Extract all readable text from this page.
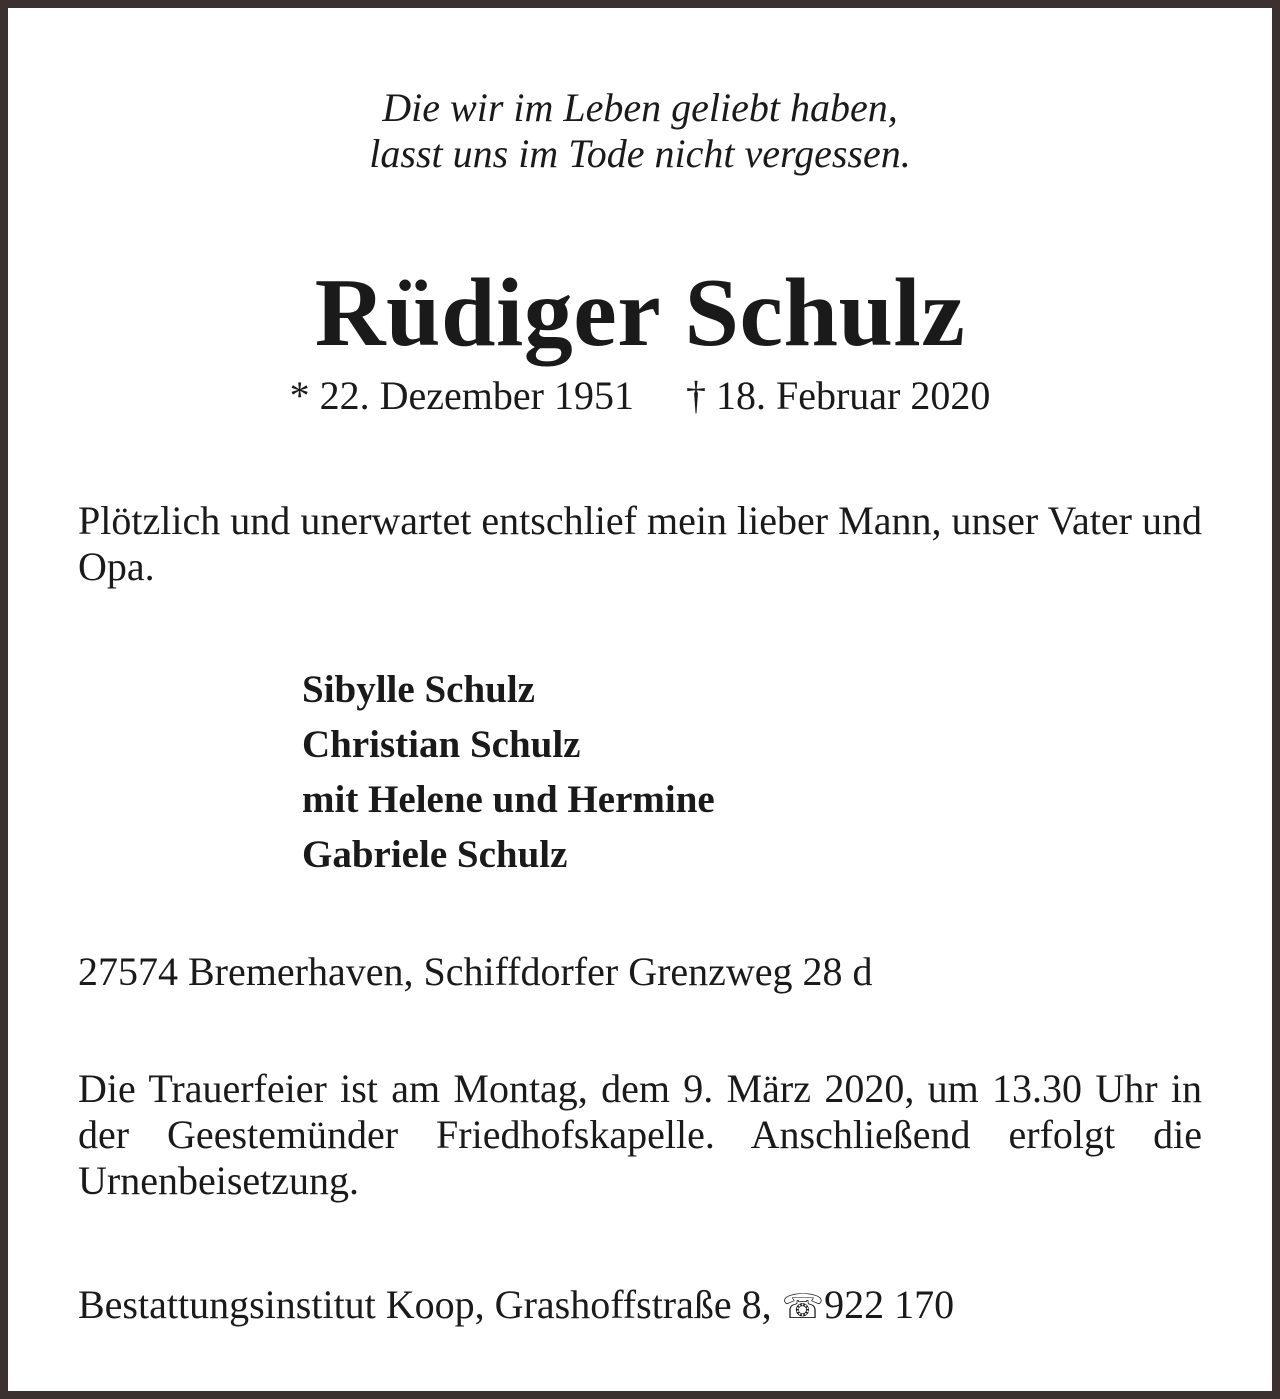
Die wir im Leben geliebt haben,
lasst uns im Tode nicht vergessen.
Rüdiger Schulz
* 22. Dezember 1951 † 18. Februar 2020
Plötzlich und unerwartet entschlief mein lieber Mann, unser Vater und Opa.
Sibylle Schulz
Christian Schulz
mit Helene und Hermine
Gabriele Schulz
27574 Bremerhaven, Schiffdorfer Grenzweg 28 d
Die Trauerfeier ist am Montag, dem 9. März 2020, um 13.30 Uhr in der Geestemünder Friedhofskapelle. Anschließend erfolgt die Urnenbeisetzung.
Bestattungsinstitut Koop, Grashoffstraße 8, ☏922 170
